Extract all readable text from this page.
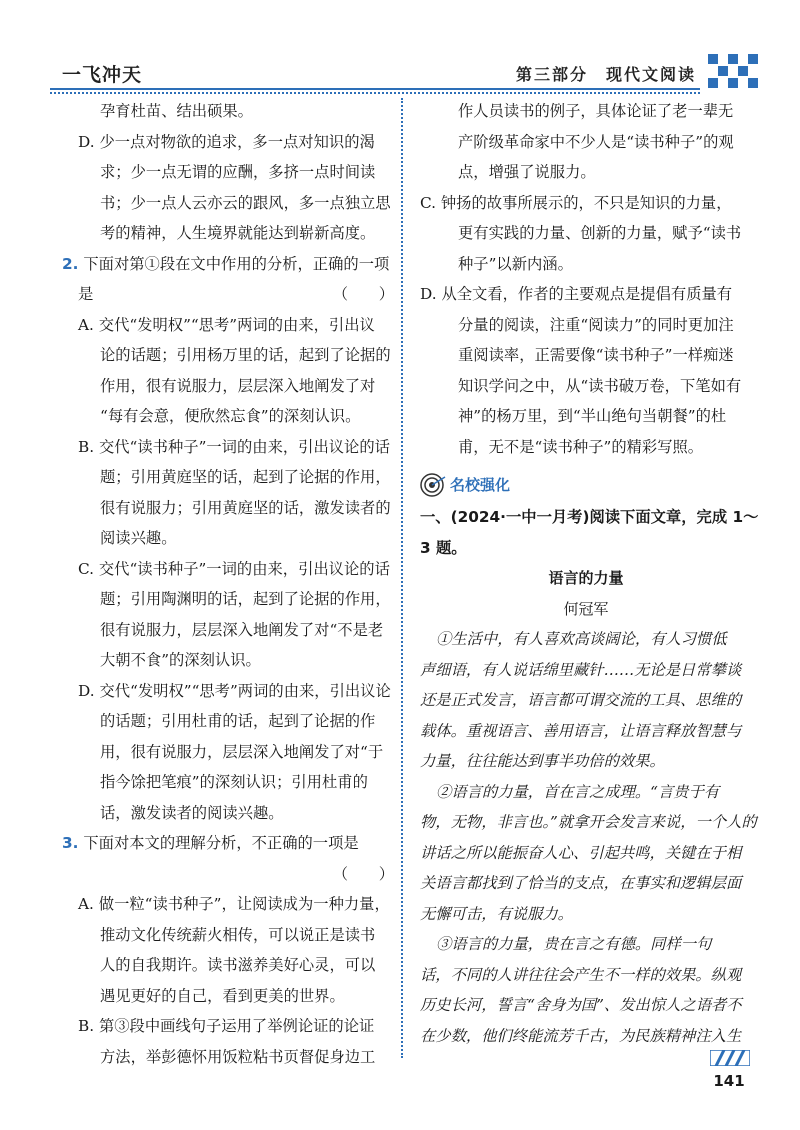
一飞冲天	第三部分　现代文阅读
孕育杜苗、结出硕果。
D. 少一点对物欲的追求，多一点对知识的渴
求；少一点无谓的应酬，多挤一点时间读
书；少一点人云亦云的跟风，多一点独立思
考的精神，人生境界就能达到崭新高度。
2. 下面对第①段在文中作用的分析，正确的一项
是	（　　）
A. 交代“发明权”“思考”两词的由来，引出议
论的话题；引用杨万里的话，起到了论据的
作用，很有说服力，层层深入地阐发了对
“每有会意，便欣然忘食”的深刻认识。
B. 交代“读书种子”一词的由来，引出议论的话
题；引用黄庭坚的话，起到了论据的作用，
很有说服力；引用黄庭坚的话，激发读者的
阅读兴趣。
C. 交代“读书种子”一词的由来，引出议论的话
题；引用陶渊明的话，起到了论据的作用，
很有说服力，层层深入地阐发了对“不是老
大朝不食”的深刻认识。
D. 交代“发明权”“思考”两词的由来，引出议论
的话题；引用杜甫的话，起到了论据的作
用，很有说服力，层层深入地阐发了对“于
指今馀把笔痕”的深刻认识；引用杜甫的
话，激发读者的阅读兴趣。
3. 下面对本文的理解分析，不正确的一项是
（　　）
A. 做一粒“读书种子”，让阅读成为一种力量，
推动文化传统薪火相传，可以说正是读书
人的自我期许。读书滋养美好心灵，可以
遇见更好的自己，看到更美的世界。
B. 第③段中画线句子运用了举例论证的论证
方法，举彭德怀用饭粒粘书页督促身边工
作人员读书的例子，具体论证了老一辈无
产阶级革命家中不少人是“读书种子”的观
点，增强了说服力。
C. 钟扬的故事所展示的，不只是知识的力量，
更有实践的力量、创新的力量，赋予“读书
种子”以新内涵。
D. 从全文看，作者的主要观点是提倡有质量有
分量的阅读，注重“阅读力”的同时更加注
重阅读率，正需要像“读书种子”一样痴迷
知识学问之中，从“读书破万卷，下笔如有
神”的杨万里，到“半山绝句当朝餐”的杜
甫，无不是“读书种子”的精彩写照。
名校强化
一、(2024·一中一月考)阅读下面文章，完成 1～
3 题。
语言的力量
何冠军
①生活中，有人喜欢高谈阔论，有人习惯低
声细语，有人说话绵里藏针……无论是日常攀谈
还是正式发言，语言都可谓交流的工具、思维的
载体。重视语言、善用语言，让语言释放智慧与
力量，往往能达到事半功倍的效果。
②语言的力量，首在言之成理。“言贵于有
物，无物，非言也。”就拿开会发言来说，一个人的
讲话之所以能振奋人心、引起共鸣，关键在于相
关语言都找到了恰当的支点，在事实和逻辑层面
无懈可击，有说服力。
③语言的力量，贵在言之有德。同样一句
话，不同的人讲往往会产生不一样的效果。纵观
历史长河，誓言“舍身为国”、发出惊人之语者不
在少数，他们终能流芳千古，为民族精神注入生
141
